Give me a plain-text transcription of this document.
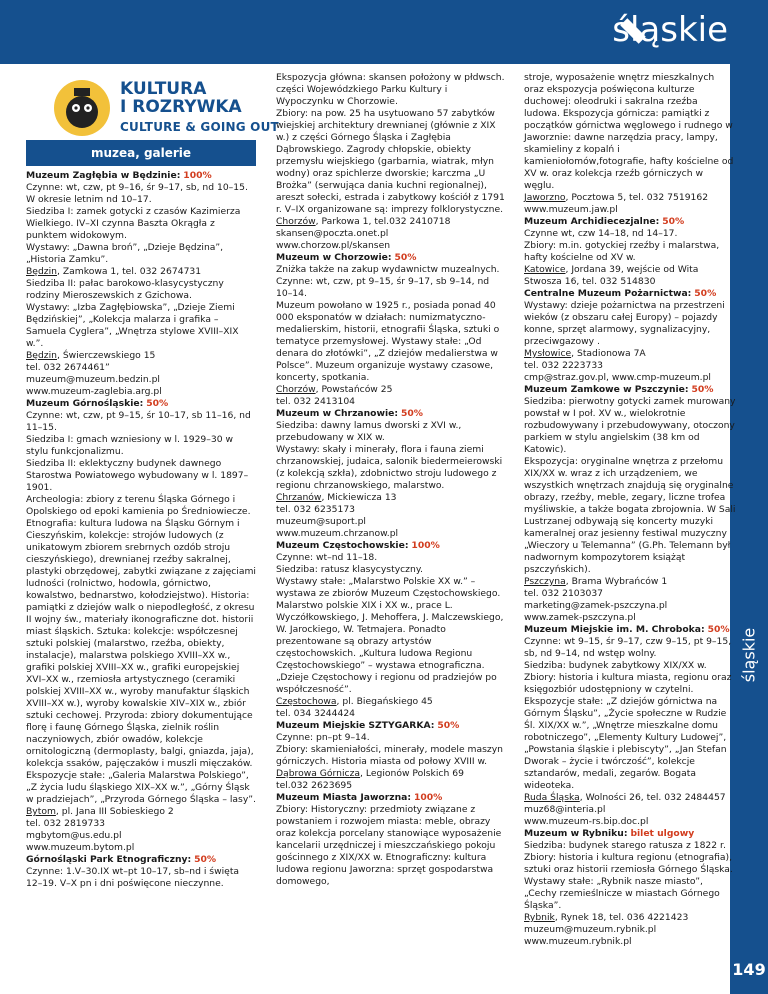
śląskie
śląskie
149
KULTURA
I ROZRYWKA
CULTURE & GOING OUT
muzea, galerie

Muzeum Zagłębia w Będzinie: 100%

Czynne: wt, czw, pt 9–16, śr 9–17, sb, nd 10–15. W okresie letnim nd 10–17.

Siedziba I: zamek gotycki z czasów Kazimierza Wielkiego. IV–XI czynna Baszta Okrągła z punktem widokowym.

Wystawy: „Dawna broń”, „Dzieje Będzina”, „Historia Zamku”.

Będzin, Zamkowa 1, tel. 032 2674731

Siedziba II: pałac barokowo-klasycystyczny rodziny Mieroszewskich z Gzichowa.

Wystawy: „Izba Zagłębiowska”, „Dzieje Ziemi Będzińskiej”, „Kolekcja malarza i grafika – Samuela Cyglera”, „Wnętrza stylowe XVIII–XIX w.”.

Będzin, Świerczewskiego 15

tel. 032 2674461”

muzeum@muzeum.bedzin.pl

www.muzeum-zaglebia.arg.pl

Muzeum Górnośląskie: 50%

Czynne: wt, czw, pt 9–15, śr 10–17, sb 11–16, nd 11–15.

Siedziba I: gmach wzniesiony w l. 1929–30 w stylu funkcjonalizmu.

Siedziba II: eklektyczny budynek dawnego Starostwa Powiatowego wybudowany w l. 1897–1901.

Archeologia: zbiory z terenu Śląska Górnego i Opolskiego od epoki kamienia po Średniowiecze. Etnografia: kultura ludowa na Śląsku Górnym i Cieszyńskim, kolekcje: strojów ludowych (z unikatowym zbiorem srebrnych ozdób stroju cieszyńskiego), drewnianej rzeźby sakralnej, plastyki obrzędowej, zabytki związane z zajęciami ludności (rolnictwo, hodowla, górnictwo, kowalstwo, bednarstwo, kołodziejstwo). Historia: pamiątki z dziejów walk o niepodległość, z okresu II wojny św., materiały ikonograficzne dot. historii miast śląskich. Sztuka: kolekcje: współczesnej sztuki polskiej (malarstwo, rzeźba, obiekty, instalacje), malarstwa polskiego XVIII–XX w., grafiki polskiej XVIII–XX w., grafiki europejskiej XVI–XX w., rzemiosła artystycznego (ceramiki polskiej XVIII–XX w., wyroby manufaktur śląskich XVIII–XX w.), wyroby kowalskie XIV–XIX w., zbiór sztuki cechowej. Przyroda: zbiory dokumentujące florę i faunę Górnego Śląska, zielnik roślin naczyniowych, zbiór owadów, kolekcje ornitologiczną (dermoplasty, balgi, gniazda, jaja), kolekcja ssaków, pajęczaków i muszli mięczaków.

Ekspozycje stałe: „Galeria Malarstwa Polskiego”, „Z życia ludu śląskiego XIX–XX w.”, „Górny Śląsk w pradziejach”, „Przyroda Górnego Śląska – lasy”.

Bytom, pl. Jana III Sobieskiego 2

tel. 032 2819733

mgbytom@us.edu.pl

www.muzeum.bytom.pl

Górnośląski Park Etnograficzny: 50%

Czynne: 1.V–30.IX wt–pt 10–17, sb–nd i święta 12–19. V–X pn i dni poświęcone nieczynne.

Ekspozycja główna: skansen położony w płdwsch. części Wojewódzkiego Parku Kultury i Wypoczynku w Chorzowie.

Zbiory: na pow. 25 ha usytuowano 57 zabytków wiejskiej architektury drewnianej (głównie z XIX w.) z części Górnego Śląska i Zagłębia Dąbrowskiego. Zagrody chłopskie, obiekty przemysłu wiejskiego (garbarnia, wiatrak, młyn wodny) oraz spichlerze dworskie; karczma „U Brożka” (serwująca dania kuchni regionalnej), areszt sołecki, estrada i zabytkowy kościół z 1791 r. V–IX organizowane są: imprezy folklorystyczne.

Chorzów, Parkowa 1, tel.032 2410718

skansen@poczta.onet.pl

www.chorzow.pl/skansen

Muzeum w Chorzowie: 50%

Zniżka także na zakup wydawnictw muzealnych.

Czynne: wt, czw, pt 9–15, śr 9–17, sb 9–14, nd 10–14.

Muzeum powołano w 1925 r., posiada ponad 40 000 eksponatów w działach: numizmatyczno-medalierskim, historii, etnografii Śląska, sztuki o tematyce przemysłowej. Wystawy stałe: „Od denara do złotówki”, „Z dziejów medalierstwa w Polsce”. Muzeum organizuje wystawy czasowe, koncerty, spotkania.

Chorzów, Powstańców 25

tel. 032 2413104

Muzeum w Chrzanowie: 50%

Siedziba: dawny lamus dworski z XVI w., przebudowany w XIX w.

Wystawy: skały i minerały, flora i fauna ziemi chrzanowskiej, judaica, salonik biedermeierowski (z kolekcją szkła), zdobnictwo stroju ludowego z regionu chrzanowskiego, malarstwo.

Chrzanów, Mickiewicza 13

tel. 032 6235173

muzeum@suport.pl

www.muzeum.chrzanow.pl

Muzeum Częstochowskie: 100%

Czynne: wt–nd 11–18.

Siedziba: ratusz klasycystyczny.

Wystawy stałe: „Malarstwo Polskie XX w.” – wystawa ze zbiorów Muzeum Częstochowskiego. Malarstwo polskie XIX i XX w., prace L. Wyczółkowskiego, J. Mehoffera, J. Malczewskiego, W. Jarockiego, W. Tetmajera. Ponadto prezentowane są obrazy artystów częstochowskich. „Kultura ludowa Regionu Częstochowskiego” – wystawa etnograficzna. „Dzieje Częstochowy i regionu od pradziejów po współczesność”.

Częstochowa, pl. Biegańskiego 45

tel. 034 3244424

Muzeum Miejskie SZTYGARKA: 50%

Czynne: pn–pt 9–14.

Zbiory: skamieniałości, minerały, modele maszyn górniczych. Historia miasta od połowy XVIII w.

Dąbrowa Górnicza, Legionów Polskich 69

tel.032 2623695

Muzeum Miasta Jaworzna: 100%

Zbiory: Historyczny: przedmioty związane z powstaniem i rozwojem miasta: meble, obrazy oraz kolekcja porcelany stanowiące wyposażenie kancelarii urzędniczej i mieszczańskiego pokoju gościnnego z XIX/XX w. Etnograficzny: kultura ludowa regionu Jaworzna: sprzęt gospodarstwa domowego,

stroje, wyposażenie wnętrz mieszkalnych oraz ekspozycja poświęcona kulturze duchowej: oleodruki i sakralna rzeźba ludowa. Ekspozycja górnicza: pamiątki z początków górnictwa węglowego i rudnego w Jaworznie: dawne narzędzia pracy, lampy, skamieliny z kopalń i kamieniołomów,fotografie, hafty kościelne od XV w. oraz kolekcja rzeźb górniczych w węglu.

Jaworzno, Pocztowa 5, tel. 032 7519162

www.muzeum.jaw.pl

Muzeum Archidiecezjalne: 50%

Czynne wt, czw 14–18, nd 14–17.

Zbiory: m.in. gotyckiej rzeźby i malarstwa, hafty kościelne od XV w.

Katowice, Jordana 39, wejście od Wita Stwosza 16, tel. 032 514830

Centralne Muzeum Pożarnictwa: 50%

Wystawy: dzieje pożarnictwa na przestrzeni wieków (z obszaru całej Europy) – pojazdy konne, sprzęt alarmowy, sygnalizacyjny, przeciwgazowy .

Mysłowice, Stadionowa 7A

tel. 032 2223733

cmp@straz.gov.pl, www.cmp-muzeum.pl

Muzeum Zamkowe w Pszczynie: 50%

Siedziba: pierwotny gotycki zamek murowany powstał w I poł. XV w., wielokrotnie rozbudowywany i przebudowywany, otoczony parkiem w stylu angielskim (38 km od Katowic).

Ekspozycja: oryginalne wnętrza z przełomu XIX/XX w. wraz z ich urządzeniem, we wszystkich wnętrzach znajdują się oryginalne obrazy, rzeźby, meble, zegary, liczne trofea myśliwskie, a także bogata zbrojownia. W Sali Lustrzanej odbywają się koncerty muzyki kameralnej oraz jesienny festiwal muzyczny „Wieczory u Telemanna” (G.Ph. Telemann był nadwornym kompozytorem książąt pszczyńskich).

Pszczyna, Brama Wybrańców 1

tel. 032 2103037

marketing@zamek-pszczyna.pl

www.zamek-pszczyna.pl

Muzeum Miejskie im. M. Chroboka: 50%

Czynne: wt 9–15, śr 9–17, czw 9–15, pt 9–15, sb, nd 9–14, nd wstęp wolny.

Siedziba: budynek zabytkowy XIX/XX w.

Zbiory: historia i kultura miasta, regionu oraz księgozbiór udostępniony w czytelni. Ekspozycje stałe: „Z dziejów górnictwa na Górnym Śląsku”, „Życie społeczne w Rudzie Śl. XIX/XX w.”, „Wnętrze mieszkalne domu robotniczego”, „Elementy Kultury Ludowej”, „Powstania śląskie i plebiscyty”, „Jan Stefan Dworak – życie i twórczość”, kolekcje sztandarów, medali, zegarów. Bogata wideoteka.

Ruda Śląska, Wolności 26, tel. 032 2484457

muz68@interia.pl

www.muzeum-rs.bip.doc.pl

Muzeum w Rybniku: bilet ulgowy

Siedziba: budynek starego ratusza z 1822 r.

Zbiory: historia i kultura regionu (etnografia), sztuki oraz historii rzemiosła Górnego Śląska. Wystawy stałe: „Rybnik nasze miasto”, „Cechy rzemieślnicze w miastach Górnego Śląska”.

Rybnik, Rynek 18, tel. 036 4221423

muzeum@muzeum.rybnik.pl

www.muzeum.rybnik.pl
